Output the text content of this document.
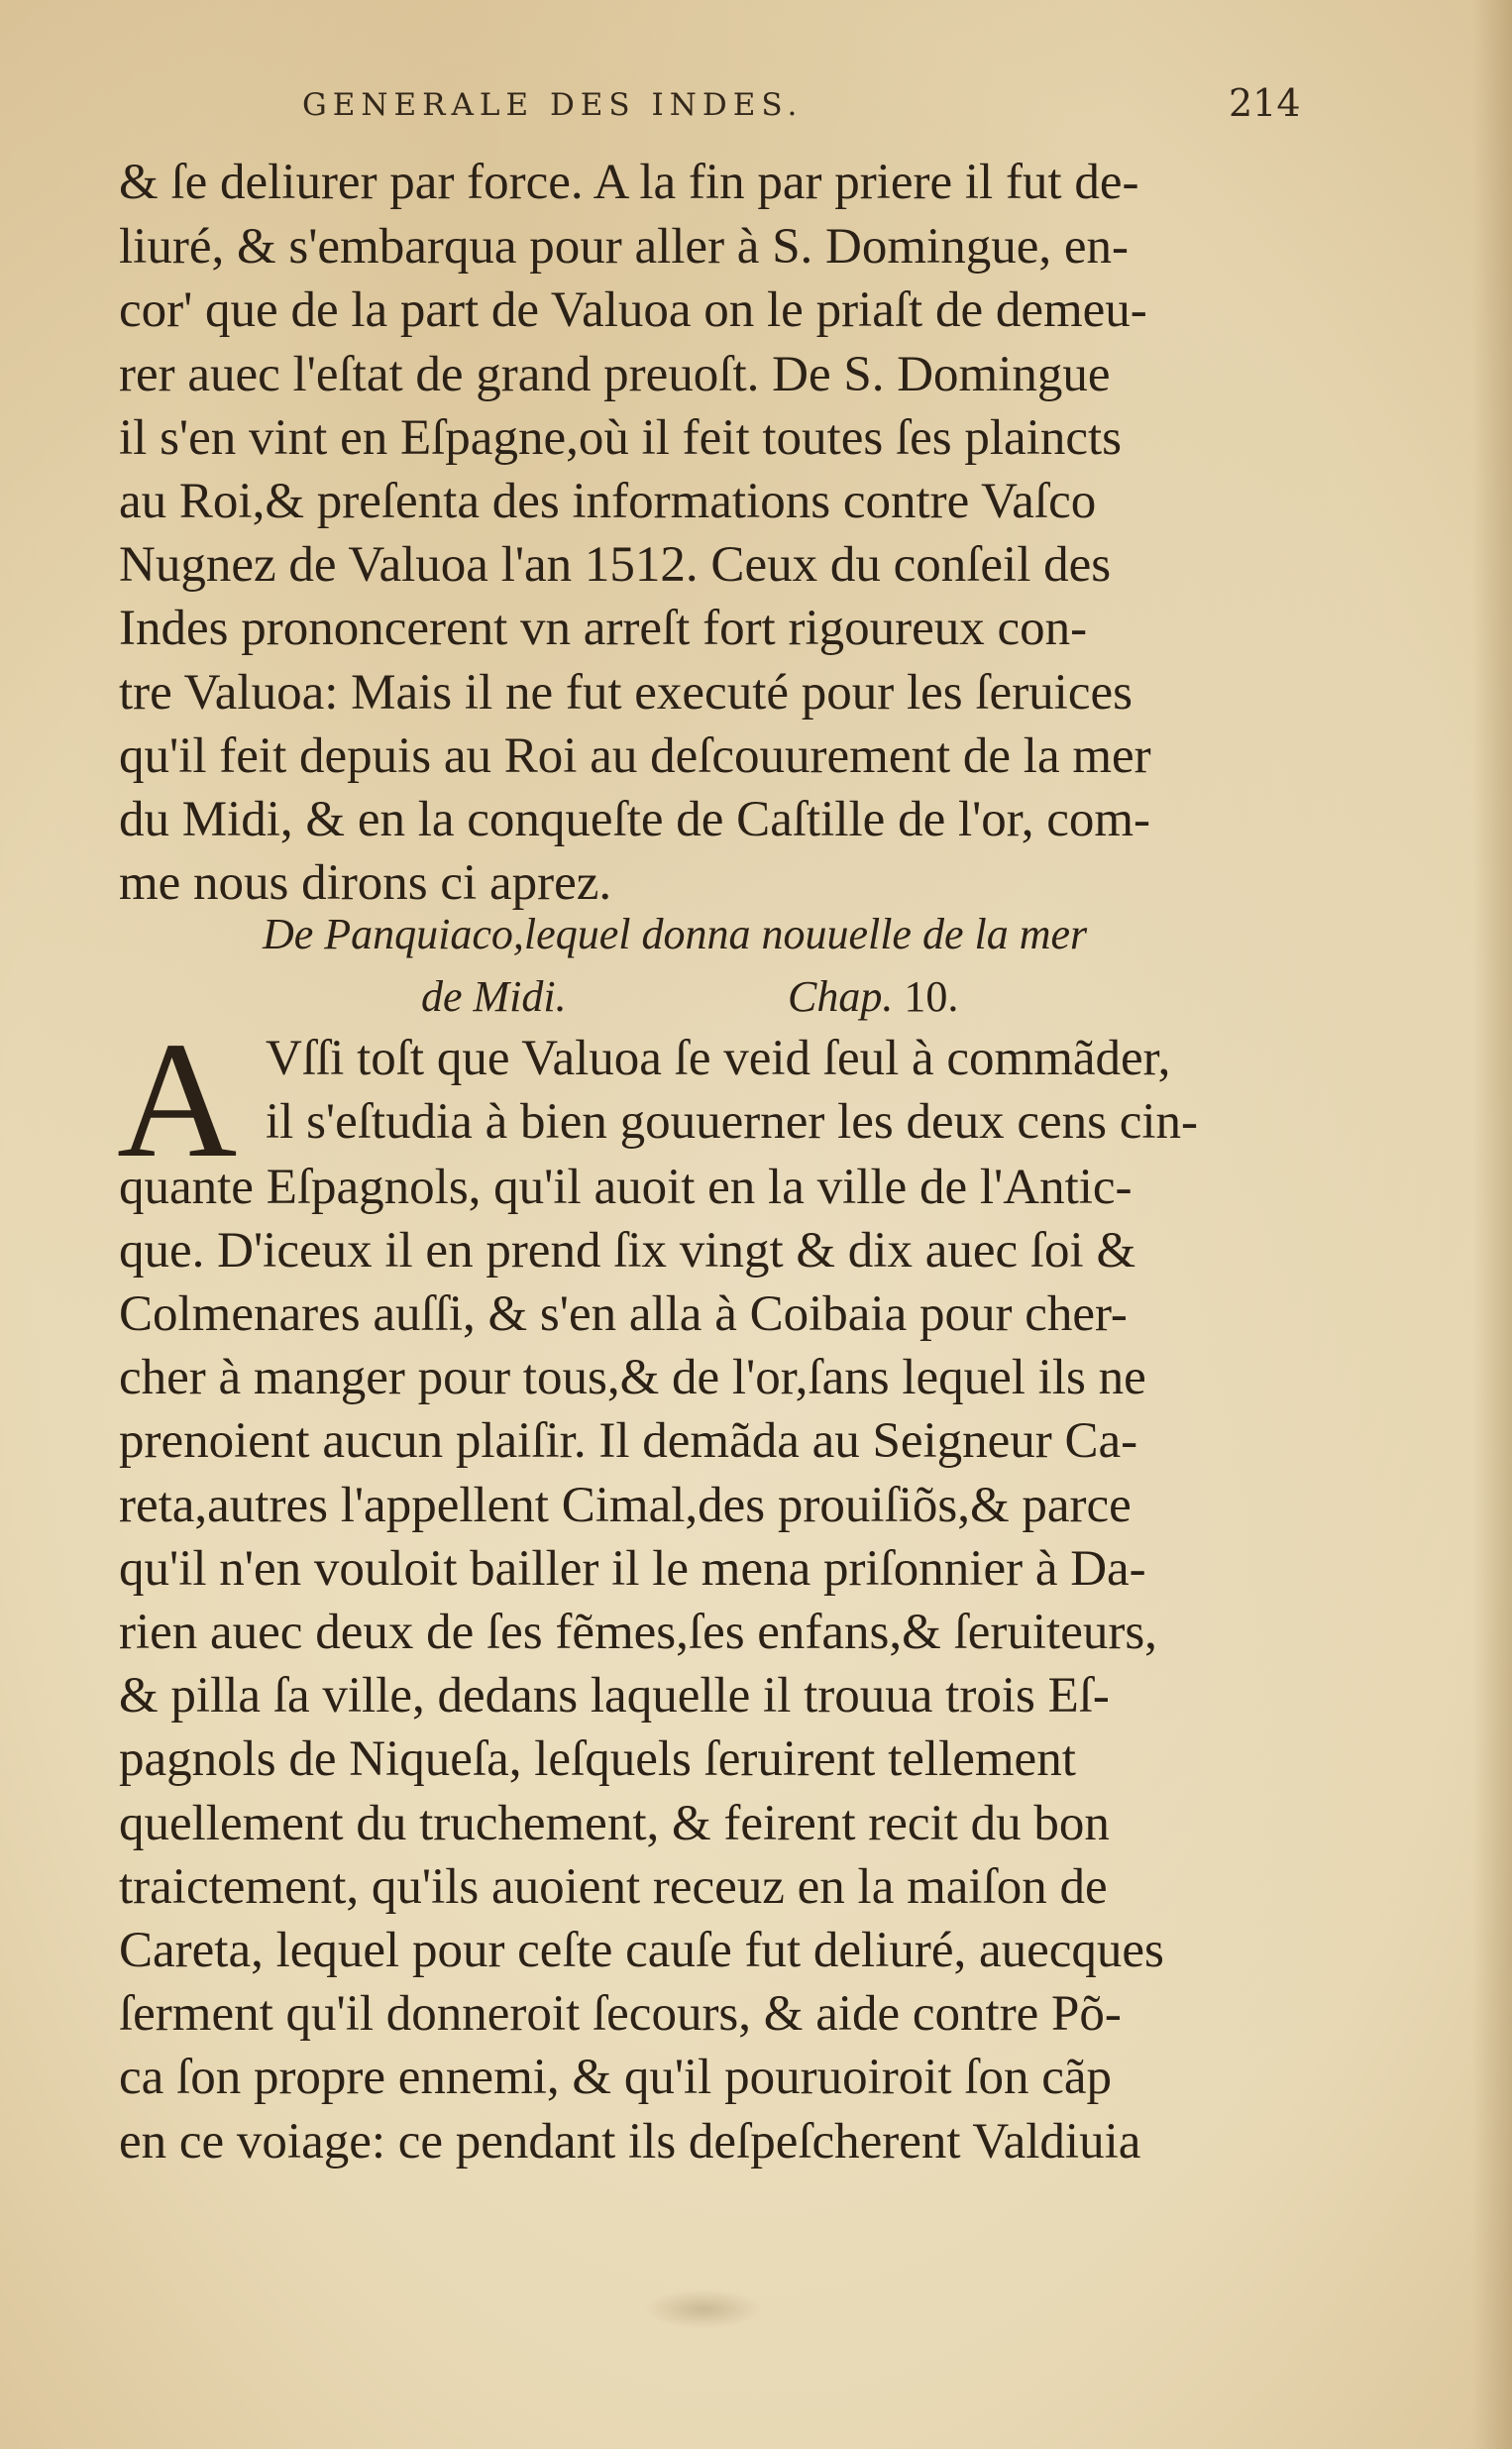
GENERALE DES INDES.	214
& ſe deliurer par force. A la fin par priere il fut de-
liuré, & s'embarqua pour aller à S. Domingue, en-
cor' que de la part de Valuoa on le priaſt de demeu-
rer auec l'eſtat de grand preuoſt. De S. Domingue
il s'en vint en Eſpagne,où il feit toutes ſes plaincts
au Roi,& preſenta des informations contre Vaſco
Nugnez de Valuoa l'an 1512. Ceux du conſeil des
Indes prononcerent vn arreſt fort rigoureux con-
tre Valuoa: Mais il ne fut executé pour les ſeruices
qu'il feit depuis au Roi au deſcouurement de la mer
du Midi, & en la conqueſte de Caſtille de l'or, com-
me nous dirons ci aprez.
De Panquiaco,lequel donna nouuelle de la mer
de Midi.	Chap. 10.
A Vſſi toſt que Valuoa ſe veid ſeul à commãder,
il s'eſtudia à bien gouuerner les deux cens cin-
quante Eſpagnols, qu'il auoit en la ville de l'Antic-
que. D'iceux il en prend ſix vingt & dix auec ſoi &
Colmenares auſſi, & s'en alla à Coibaia pour cher-
cher à manger pour tous,& de l'or,ſans lequel ils ne
prenoient aucun plaiſir. Il demãda au Seigneur Ca-
reta,autres l'appellent Cimal,des prouiſiõs,& parce
qu'il n'en vouloit bailler il le mena priſonnier à Da-
rien auec deux de ſes fẽmes,ſes enfans,& ſeruiteurs,
& pilla ſa ville, dedans laquelle il trouua trois Eſ-
pagnols de Niqueſa, leſquels ſeruirent tellement
quellement du truchement, & feirent recit du bon
traictement, qu'ils auoient receuz en la maiſon de
Careta, lequel pour ceſte cauſe fut deliuré, auecques
ſerment qu'il donneroit ſecours, & aide contre Põ-
ca ſon propre ennemi, & qu'il pouruoiroit ſon cãp
en ce voiage: ce pendant ils deſpeſcherent Valdiuia
